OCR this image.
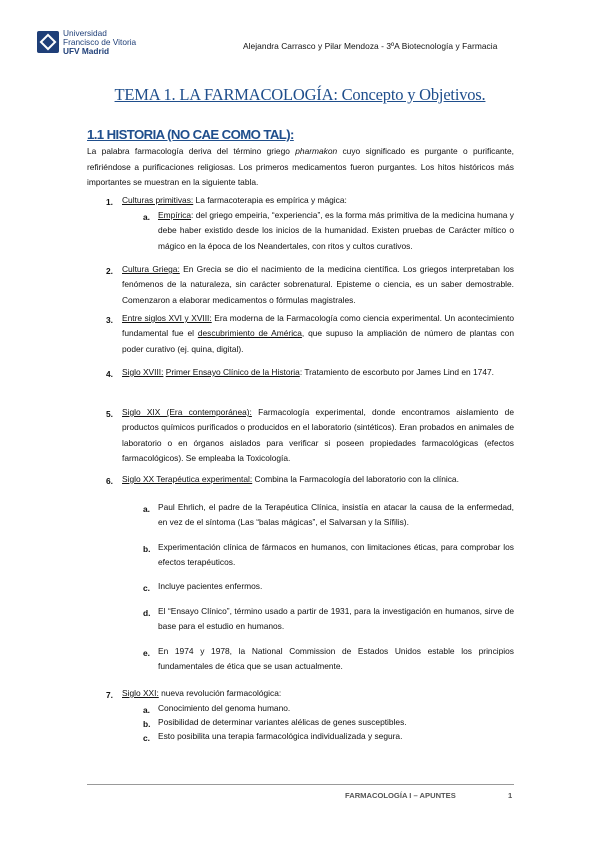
Universidad
Francisco de Vitoria
UFV Madrid	Alejandra Carrasco y Pilar Mendoza - 3ºA Biotecnología y Farmacia
TEMA 1. LA FARMACOLOGÍA: Concepto y Objetivos.
1.1 HISTORIA (NO CAE COMO TAL):
La palabra farmacología deriva del término griego pharmakon cuyo significado es purgante o purificante, refiriéndose a purificaciones religiosas. Los primeros medicamentos fueron purgantes. Los hitos históricos más importantes se muestran en la siguiente tabla.
1. Culturas primitivas: La farmacoterapia es empírica y mágica:
a. Empírica: del griego empeiria, “experiencia”, es la forma más primitiva de la medicina humana y debe haber existido desde los inicios de la humanidad. Existen pruebas de Carácter mítico o mágico en la época de los Neandertales, con ritos y cultos curativos.
2. Cultura Griega: En Grecia se dio el nacimiento de la medicina científica. Los griegos interpretaban los fenómenos de la naturaleza, sin carácter sobrenatural. Episteme o ciencia, es un saber demostrable. Comenzaron a elaborar medicamentos o fórmulas magistrales.
3. Entre siglos XVI y XVIII: Era moderna de la Farmacología como ciencia experimental. Un acontecimiento fundamental fue el descubrimiento de América, que supuso la ampliación de número de plantas con poder curativo (ej. quina, digital).
4. Siglo XVIII: Primer Ensayo Clínico de la Historia: Tratamiento de escorbuto por James Lind en 1747.
5. Siglo XIX (Era contemporánea): Farmacología experimental, donde encontramos aislamiento de productos químicos purificados o producidos en el laboratorio (sintéticos). Eran probados en animales de laboratorio o en órganos aislados para verificar si poseen propiedades farmacológicas (efectos farmacológicos). Se empleaba la Toxicología.
6. Siglo XX Terapéutica experimental: Combina la Farmacología del laboratorio con la clínica.
a. Paul Ehrlich, el padre de la Terapéutica Clínica, insistía en atacar la causa de la enfermedad, en vez de el síntoma (Las “balas mágicas”, el Salvarsan y la Sífilis).
b. Experimentación clínica de fármacos en humanos, con limitaciones éticas, para comprobar los efectos terapéuticos.
c. Incluye pacientes enfermos.
d. El “Ensayo Clínico”, término usado a partir de 1931, para la investigación en humanos, sirve de base para el estudio en humanos.
e. En 1974 y 1978, la National Commission de Estados Unidos estable los principios fundamentales de ética que se usan actualmente.
7. Siglo XXI: nueva revolución farmacológica:
a. Conocimiento del genoma humano.
b. Posibilidad de determinar variantes alélicas de genes susceptibles.
c. Esto posibilita una terapia farmacológica individualizada y segura.
FARMACOLOGÍA I – APUNTES	1
